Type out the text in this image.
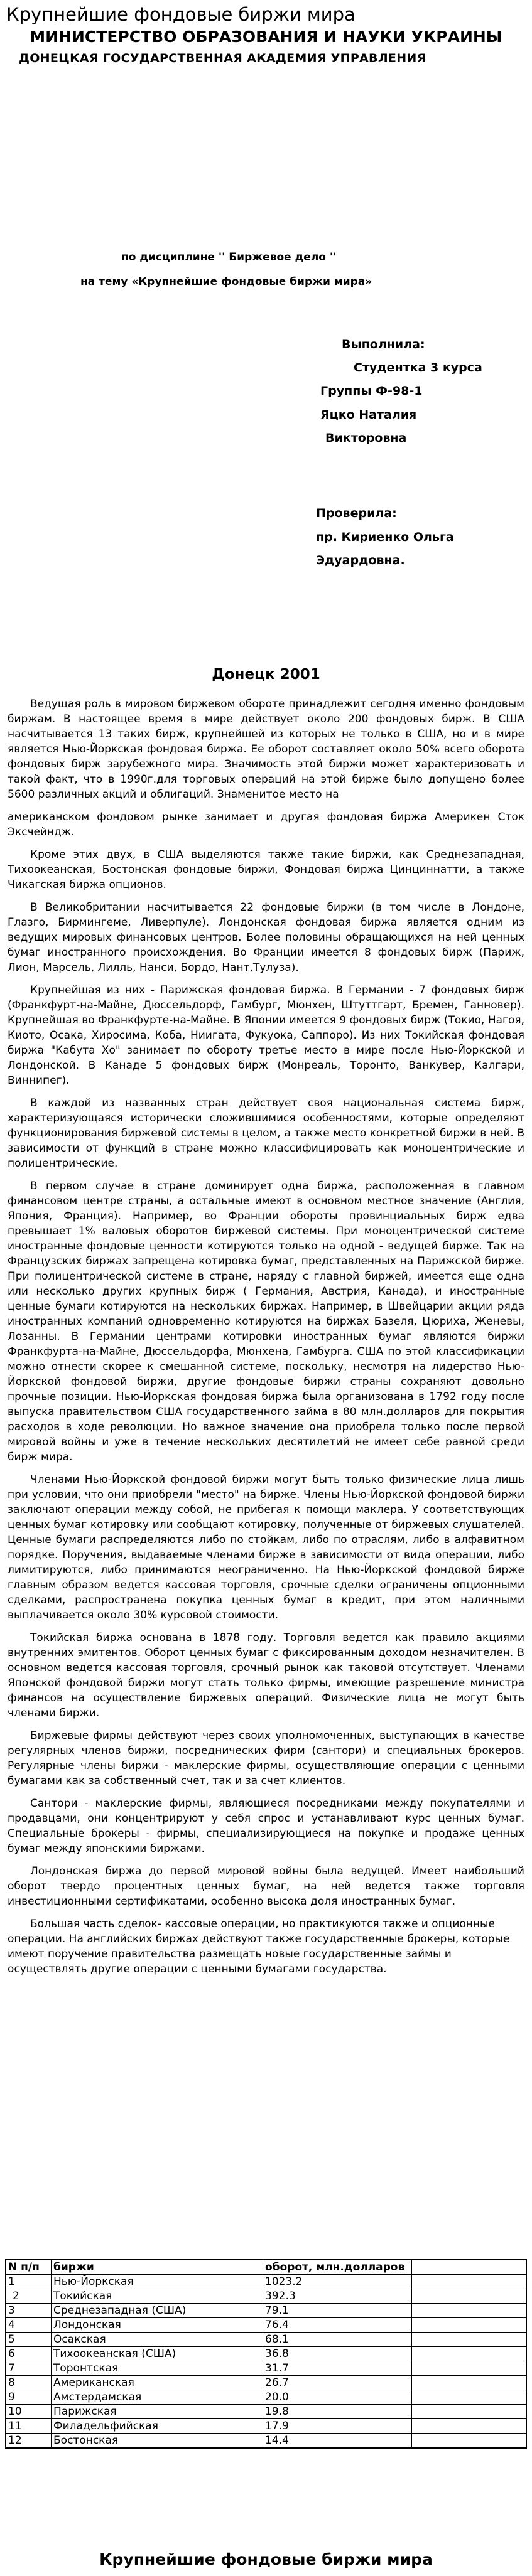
Крупнейшие фондовые биржи мира
МИНИСТЕРСТВО ОБРАЗОВАНИЯ И НАУКИ УКРАИНЫ
ДОНЕЦКАЯ ГОСУДАРСТВЕННАЯ АКАДЕМИЯ УПРАВЛЕНИЯ
по дисциплине '' Биржевое дело ''
на тему «Крупнейшие фондовые биржи мира»
Выполнила:
Студентка 3 курса
Группы Ф-98-1
Яцко Наталия
Викторовна
Проверила:
пр. Кириенко Ольга
Эдуардовна.
Донецк 2001

Ведущая роль в мировом биржевом обороте принадлежит сегодня именно фондовым биржам. В настоящее время в мире действует около 200 фондовых бирж. В США насчитывается 13 таких бирж, крупнейшей из которых не только в США, но и в мире является Нью-Йоркская фондовая биржа. Ее оборот составляет около 50% всего оборота фондовых бирж зарубежного мира. Значимость этой биржи может характеризовать и такой факт, что в 1990г.для торговых операций на этой бирже было допущено более 5600 различных акций и облигаций. Знаменитое место на

американском фондовом рынке занимает и другая фондовая биржа Америкен Сток Эксчейндж.

Кроме этих двух, в США выделяются также такие биржи, как Среднезападная, Тихоокеанская, Бостонская фондовые биржи, Фондовая биржа Цинциннатти, а также Чикагская биржа опционов.

В Великобритании насчитывается 22 фондовые биржи (в том числе в Лондоне, Глазго, Бирмингеме, Ливерпуле). Лондонская фондовая биржа является одним из ведущих мировых финансовых центров. Более половины обращающихся на ней ценных бумаг иностранного происхождения. Во Франции имеется 8 фондовых бирж (Париж, Лион, Марсель, Лилль, Нанси, Бордо, Нант,Тулуза).

Крупнейшая из них - Парижская фондовая биржа. В Германии - 7 фондовых бирж (Франкфурт-на-Майне, Дюссельдорф, Гамбург, Мюнхен, Штуттгарт, Бремен, Ганновер). Крупнейшая во Франкфурте-на-Майне. В Японии имеется 9 фондовых бирж (Токио, Нагоя, Киото, Осака, Хиросима, Коба, Ниигата, Фукуока, Саппоро). Из них Токийская фондовая биржа "Кабута Хо" занимает по обороту третье место в мире после Нью-Йоркской и Лондонской. В Канаде 5 фондовых бирж (Монреаль, Торонто, Ванкувер, Калгари, Виннипег).

В каждой из названных стран действует своя национальная система бирж, характеризующаяся историчеcки сложившимися особенностями, которые определяют функционирования биржевой системы в целом, а также место конкретной биржи в ней. В зависимости от функций в стране можно классифицировать как моноцентрические и полицентрические.

В первом случае в стране доминирует одна биржа, расположенная в главном финансовом центре страны, а остальные имеют в основном местное значение (Англия, Япония, Франция). Например, во Франции обороты провинциальных бирж едва превышает 1% валовых оборотов биржевой системы. При моноцентрической системе иностранные фондовые ценности котируются только на одной - ведущей бирже. Так на Французских биржах запрещена котировка бумаг, представленных на Парижской бирже. При полицентрической системе в стране, наряду с главной биржей, имеется еще одна или несколько других крупных бирж ( Германия, Австрия, Канада), и иностранные ценные бумаги котируются на нескольких биржах. Например, в Швейцарии акции ряда иностранных компаний одновременно котируются на биржах Базеля, Цюриха, Женевы, Лозанны. В Германии центрами котировки иностранных бумаг являются биржи Франкфурта-на-Майне, Дюссельдорфа, Мюнхена, Гамбурга. США по этой классификации можно отнести скорее к смешанной системе, поскольку, несмотря на лидерство Нью-Йоркской фондовой биржи, другие фондовые биржи страны сохраняют довольно прочные позиции. Нью-Йоркская фондовая биржа была организована в 1792 году после выпуска правительством США государственного займа в 80 млн.долларов для покрытия расходов в ходе революции. Но важное значение она приобрела только после первой мировой войны и уже в течение нескольких десятилетий не имеет себе равной среди бирж мира.

Членами Нью-Йоркской фондовой биржи могут быть только физические лица лишь при условии, что они приобрели "место" на бирже. Члены Нью-Йоркской фондовой биржи заключают операции между собой, не прибегая к помощи маклера. У соответствующих ценных бумаг котировку или сообщают котировку, полученные от биржевых слушателей. Ценные бумаги распределяются либо по стойкам, либо по отраслям, либо в алфавитном порядке. Поручения, выдаваемые членами бирже в зависимости от вида операции, либо лимитируются, либо принимаются неограниченно. На Нью-Йоркской фондовой бирже главным образом ведется кассовая торговля, срочные сделки ограничены опционными сделками, распространена покупка ценных бумаг в кредит, при этом наличными выплачивается около 30% курсовой стоимости.

Токийская биржа основана в 1878 году. Торговля ведется как правило акциями внутренних эмитентов. Оборот ценных бумаг с фиксированным доходом незначителен. В основном ведется кассовая торговля, срочный рынок как таковой отсутствует. Членами Японской фондовой биржи могут стать только фирмы, имеющие разрешение министра финансов на осуществление биржевых операций. Физические лица не могут быть членами биржи.

Биржевые фирмы действуют через своих уполномоченных, выступающих в качестве регулярных членов биржи, посреднических фирм (сантори) и специальных брокеров. Регулярные члены биржи - маклерские фирмы, осуществляющие операции с ценными бумагами как за собственный счет, так и за счет клиентов.

Сантори - маклерские фирмы, являющиеся посредниками между покупателями и продавцами, они концентрируют у себя спрос и устанавливают курс ценных бумаг. Специальные брокеры - фирмы, специализирующиеся на покупке и продаже ценных бумаг между японскими биржами.

Лондонская биржа до первой мировой войны была ведущей. Имеет наибольший оборот твердо процентных ценных бумаг, на ней ведется также торговля инвестиционными сертификатами, особенно высока доля иностранных бумаг.

Большая часть сделок- кассовые операции, но практикуются также и опционные операции. На английских биржах действуют также государственные брокеры, которые имеют поручение правительства размещать новые государственные займы и осуществлять другие операции с ценными бумагами государства.

N п/п	биржи	оборот, млн.долларов	
1	Нью-Йоркская	1023.2	
2	Токийская	392.3	
3	Среднезападная (США)	79.1	
4	Лондонская	76.4	
5	Осакская	68.1	
6	Тихоокеанская (США)	36.8	
7	Торонтская	31.7	
8	Американская	26.7	
9	Амстердамская	20.0	
10	Парижская	19.8	
11	Филадельфийская	17.9	
12	Бостонская	14.4	
Крупнейшие фондовые биржи мира
